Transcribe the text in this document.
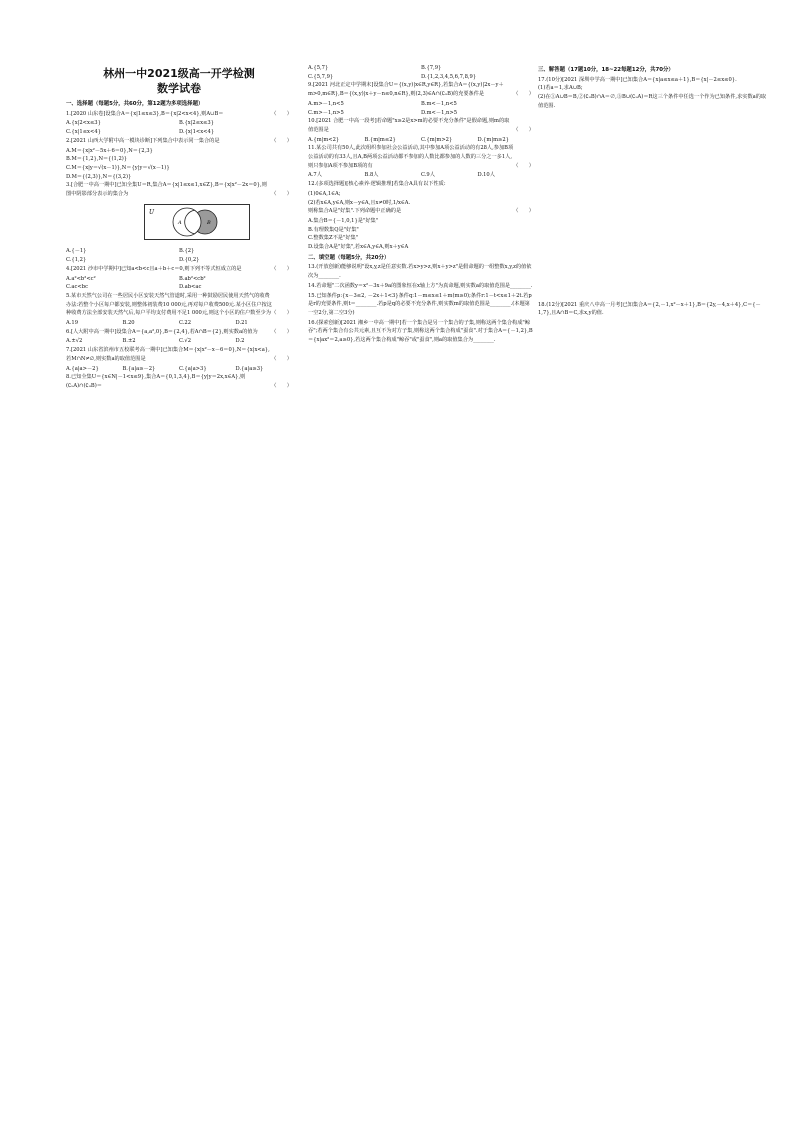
林州一中2021级高一开学检测
数学试卷
一、选择题（每题5分，共60分，第12题为多项选择题）
1.[2020 山东卷]设集合A＝{x|1≤x≤3},B＝{x|2<x<4},则A∪B＝	（　　）
A.{x|2<x≤3}	B.{x|2≤x≤3}
C.{x|1≤x<4}	D.{x|1<x<4}
2.[2021 山西大学附中高一模块诊断]下列集合中表示同一集合的是	（　　）
A.M＝{x|x²－5x＋6＝0},N＝{2,3}
B.M＝{1,2},N＝{(1,2)}
C.M＝{x|y＝√(x－1)},N＝{y|y＝√(x－1)}
D.M＝{(2,3)},N＝{(3,2)}
3.[合肥一中高一期中]已知全集U＝R,集合A＝{x|1≤x≤1,x∈Z},B＝{x|x²－2x＝0},则图中阴影部分表示的集合为	（　　）
U
A	B
A.{－1}	B.{2}
C.{1,2}	D.{0,2}
4.[2021 沙市中学期中]已知a<b<c且a＋b＋c＝0,则下列不等式恒成立的是	（　　）
A.a²<b²<c²	B.ab²<cb²
C.ac<bc	D.ab<ac
5.某市天然气公司在一些居民小区安装天然气管道时,采用一种鼓励居民使用天然气的收费办法:若整个小区每户都安装,则整体初装费10 000元,再对每户收费500元.某小区住户按这种收费方法全部安装天然气后,每户平均支付费用不足1 000元,则这个小区的住户数至少为 （　　）
A.19	B.20	C.22	D.21
6.[人大附中高一期中]设集合A＝{a,a²,0},B＝{2,4},若A∩B＝{2},则实数a的值为	（　　）
A.±√2	B.±2	C.√2	D.2
7.[2021 山东省滨州市五校联考高一期中]已知集合M＝{x|x²－x－6＝0},N＝{x|x<a},若M∩N≠∅,则实数a的取值范围是	（　　）
A.{a|a>－2}	B.{a|a≥－2}	C.{a|a>3}	D.{a|a≥3}
8.已知全集U＝{x∈N|－1<x≤9},集合A＝{0,1,3,4},B＝{y|y＝2x,x∈A},则(∁ᵤA)∩(∁ᵤB)＝	（　　）
A.{5,7}	B.{7,9}
C.{5,7,9}	D.{1,2,3,4,5,6,7,8,9}
9.[2021 河北正定中学期末]设集合U＝{(x,y)|x∈R,y∈R},若集合A＝{(x,y)|2x－y＋m>0,m∈R},B＝{(x,y)|x＋y－n≤0,n∈R},则(2,3)∈A∩(∁ᵤB)的充要条件是	（　　）
A.m>－1,n<5	B.m<－1,n<5
C.m>－1,n>5	D.m<－1,n>5
10.[2021 合肥一中高一段考]若命题"x≥2是x>m的必要不充分条件"是假命题,则m的取值范围是	（　　）
A.{m|m<2}	B.{m|m≤2}	C.{m|m>2}	D.{m|m≥2}
11.某公司共有50人,此次组织参加社会公益活动,其中参加A项公益活动的有28人,参加B项公益活动的有33人,且A,B两项公益活动都不参加的人数比都参加的人数的三分之一多1人,则只参加A项不参加B项的有	（　　）
A.7人	B.8人	C.9人	D.10人
12.(多项选择题)[核心素养·逻辑推理]若集合A具有以下性质:
(1)0∈A,1∈A;
(2)若x∈A,y∈A,则x－y∈A,且x≠0时,1/x∈A.
则称集合A是"好集".下列命题中正确的是	（　　）
A.集合B＝{－1,0,1}是"好集"
B.有理数集Q是"好集"
C.整数集Z不是"好集"
D.设集合A是"好集",若x∈A,y∈A,则x＋y∈A
二、填空题（每题5分，共20分）
13.(开放创新)能够说明"设x,y,z是任意实数.若x>y>z,则x＋y>z"是假命题的一组整数x,y,z的值依次为________.
14.若命题"二次函数y＝x²－3x＋9a的图象恒在x轴上方"为真命题,则实数a的取值范围是________.
15.已知条件p:{x－3≤2, －2x＋1<3}条件q:1－m≤x≤1＋m(m≥0);条件r:1－t<x≤1＋2t.若p是r的充要条件,则t＝________.若p是q的必要不充分条件,则实数m的取值范围是________.(本题第一空2分,第二空3分)
16.(探索创新)[2021 湘乡一中高一期中]若一个集合是另一个集合的子集,则称这两个集合构成"鲸吞";若两个集合有公共元素,且互不为对方子集,则称这两个集合构成"蚕食".对于集合A＝{－1,2},B＝{x|ax²＝2,a≥0},若这两个集合构成"鲸吞"或"蚕食",则a的取值集合为________.
三、解答题（17题10分，18~22每题12分，共70分）
17.(10分)[2021 深圳中学高一期中]已知集合A＝{x|a≤x≤a＋1},B＝{x|－2≤x≤0}.
(1)若a＝1,求A∪B;
(2)在①A∪B＝B,②(∁ᵤB)∩A＝∅,③B∪(∁ᵤA)＝R这三个条件中任选一个作为已知条件,求实数a的取值范围.
18.(12分)[2021 重庆八中高一月考]已知集合A＝{2,－1,x²－x＋1},B＝{2y,－4,x＋4},C＝{－1,7},且A∩B＝C,求x,y的值.
